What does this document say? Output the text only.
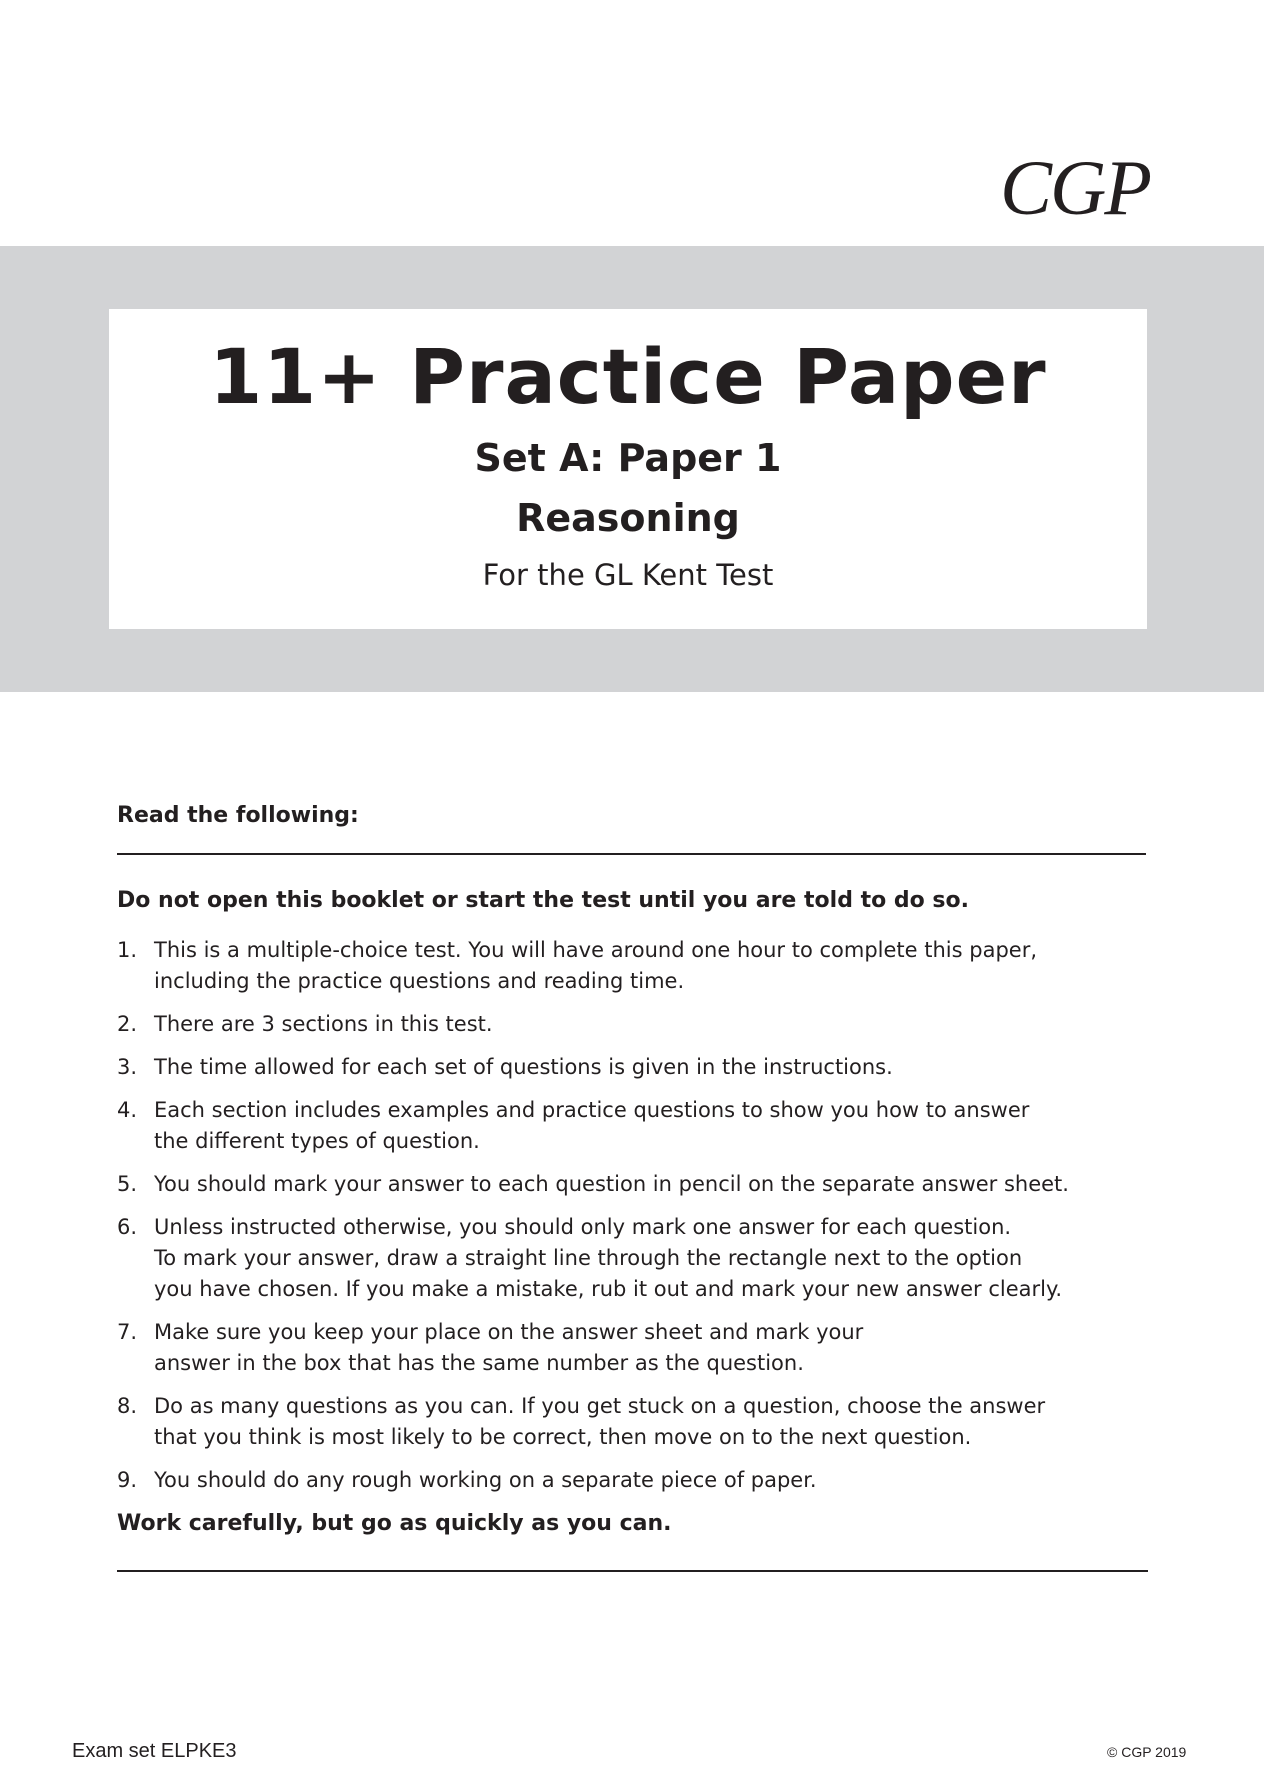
CGP
11+ Practice Paper
Set A: Paper 1
Reasoning
For the GL Kent Test
Read the following:
Do not open this booklet or start the test until you are told to do so.
1. This is a multiple-choice test. You will have around one hour to complete this paper,
including the practice questions and reading time.
2. There are 3 sections in this test.
3. The time allowed for each set of questions is given in the instructions.
4. Each section includes examples and practice questions to show you how to answer
the different types of question.
5. You should mark your answer to each question in pencil on the separate answer sheet.
6. Unless instructed otherwise, you should only mark one answer for each question.
To mark your answer, draw a straight line through the rectangle next to the option
you have chosen. If you make a mistake, rub it out and mark your new answer clearly.
7. Make sure you keep your place on the answer sheet and mark your
answer in the box that has the same number as the question.
8. Do as many questions as you can. If you get stuck on a question, choose the answer
that you think is most likely to be correct, then move on to the next question.
9. You should do any rough working on a separate piece of paper.
Work carefully, but go as quickly as you can.
Exam set ELPKE3	© CGP 2019
